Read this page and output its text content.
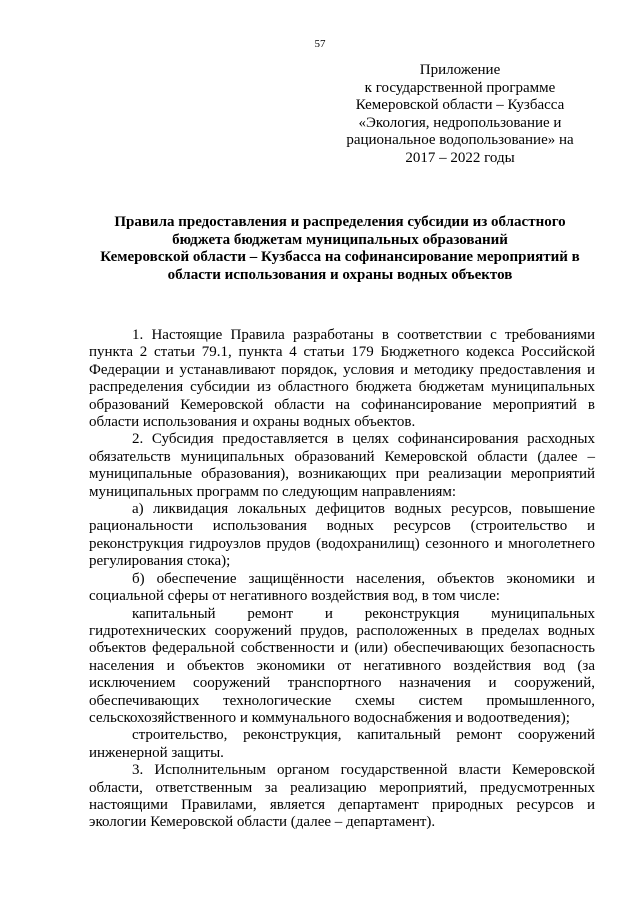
57
Приложение
к государственной программе
Кемеровской области – Кузбасса
«Экология, недропользование и
рациональное водопользование» на
2017 – 2022 годы
Правила предоставления и распределения субсидии из областного
бюджета бюджетам муниципальных образований
Кемеровской области – Кузбасса на софинансирование мероприятий в
области использования и охраны водных объектов

1. Настоящие Правила разработаны в соответствии с требованиями пункта 2 статьи 79.1, пункта 4 статьи 179 Бюджетного кодекса Российской Федерации и устанавливают порядок, условия и методику предоставления и распределения субсидии из областного бюджета бюджетам муниципальных образований Кемеровской области на софинансирование мероприятий в области использования и охраны водных объектов.

2. Субсидия предоставляется в целях софинансирования расходных обязательств муниципальных образований Кемеровской области (далее – муниципальные образования), возникающих при реализации мероприятий муниципальных программ по следующим направлениям:

а) ликвидация локальных дефицитов водных ресурсов, повышение рациональности использования водных ресурсов (строительство и реконструкция гидроузлов прудов (водохранилищ) сезонного и многолетнего регулирования стока);

б) обеспечение защищённости населения, объектов экономики и социальной сферы от негативного воздействия вод, в том числе:

капитальный ремонт и реконструкция муниципальных гидротехнических сооружений прудов, расположенных в пределах водных объектов федеральной собственности и (или) обеспечивающих безопасность населения и объектов экономики от негативного воздействия вод (за исключением сооружений транспортного назначения и сооружений, обеспечивающих технологические схемы систем промышленного, сельскохозяйственного и коммунального водоснабжения и водоотведения);

строительство, реконструкция, капитальный ремонт сооружений инженерной защиты.

3. Исполнительным органом государственной власти Кемеровской области, ответственным за реализацию мероприятий, предусмотренных настоящими Правилами, является департамент природных ресурсов и экологии Кемеровской области (далее – департамент).
